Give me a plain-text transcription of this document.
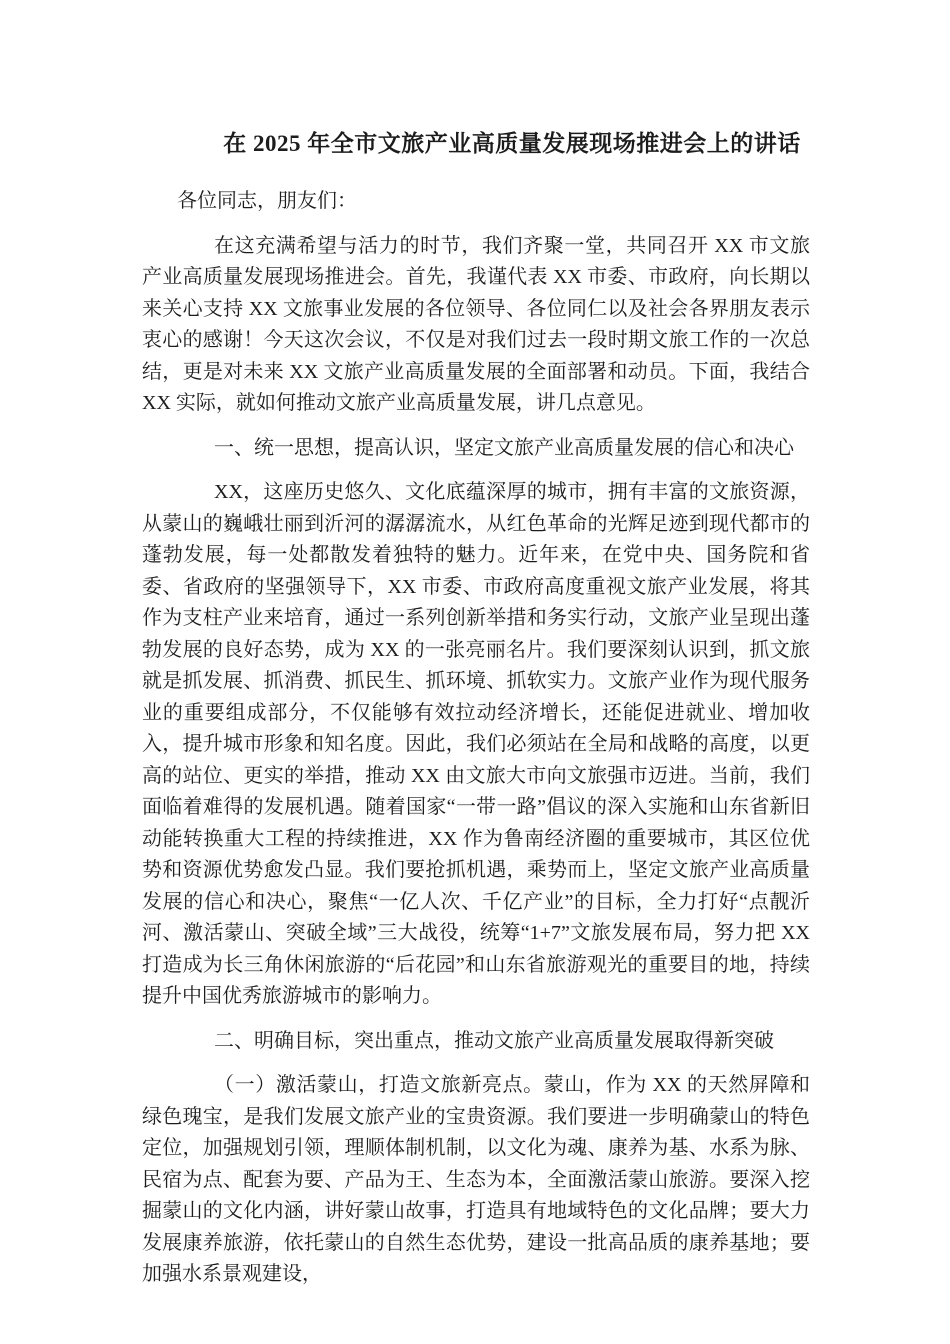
在 2025 年全市文旅产业高质量发展现场推进会上的讲话

各位同志，朋友们：

在这充满希望与活力的时节，我们齐聚一堂，共同召开 XX 市文旅产业高质量发展现场推进会。首先，我谨代表 XX 市委、市政府，向长期以来关心支持 XX 文旅事业发展的各位领导、各位同仁以及社会各界朋友表示衷心的感谢！今天这次会议，不仅是对我们过去一段时期文旅工作的一次总结，更是对未来 XX 文旅产业高质量发展的全面部署和动员。下面，我结合 XX 实际，就如何推动文旅产业高质量发展，讲几点意见。

一、统一思想，提高认识，坚定文旅产业高质量发展的信心和决心

XX，这座历史悠久、文化底蕴深厚的城市，拥有丰富的文旅资源，从蒙山的巍峨壮丽到沂河的潺潺流水，从红色革命的光辉足迹到现代都市的蓬勃发展，每一处都散发着独特的魅力。近年来，在党中央、国务院和省委、省政府的坚强领导下，XX 市委、市政府高度重视文旅产业发展，将其作为支柱产业来培育，通过一系列创新举措和务实行动，文旅产业呈现出蓬勃发展的良好态势，成为 XX 的一张亮丽名片。我们要深刻认识到，抓文旅就是抓发展、抓消费、抓民生、抓环境、抓软实力。文旅产业作为现代服务业的重要组成部分，不仅能够有效拉动经济增长，还能促进就业、增加收入，提升城市形象和知名度。因此，我们必须站在全局和战略的高度，以更高的站位、更实的举措，推动 XX 由文旅大市向文旅强市迈进。当前，我们面临着难得的发展机遇。随着国家“一带一路”倡议的深入实施和山东省新旧动能转换重大工程的持续推进，XX 作为鲁南经济圈的重要城市，其区位优势和资源优势愈发凸显。我们要抢抓机遇，乘势而上，坚定文旅产业高质量发展的信心和决心，聚焦“一亿人次、千亿产业”的目标，全力打好“点靓沂河、激活蒙山、突破全域”三大战役，统筹“1+7”文旅发展布局，努力把 XX 打造成为长三角休闲旅游的“后花园”和山东省旅游观光的重要目的地，持续提升中国优秀旅游城市的影响力。

二、明确目标，突出重点，推动文旅产业高质量发展取得新突破

（一）激活蒙山，打造文旅新亮点。蒙山，作为 XX 的天然屏障和绿色瑰宝，是我们发展文旅产业的宝贵资源。我们要进一步明确蒙山的特色定位，加强规划引领，理顺体制机制，以文化为魂、康养为基、水系为脉、民宿为点、配套为要、产品为王、生态为本，全面激活蒙山旅游。要深入挖掘蒙山的文化内涵，讲好蒙山故事，打造具有地域特色的文化品牌；要大力发展康养旅游，依托蒙山的自然生态优势，建设一批高品质的康养基地；要加强水系景观建设，
